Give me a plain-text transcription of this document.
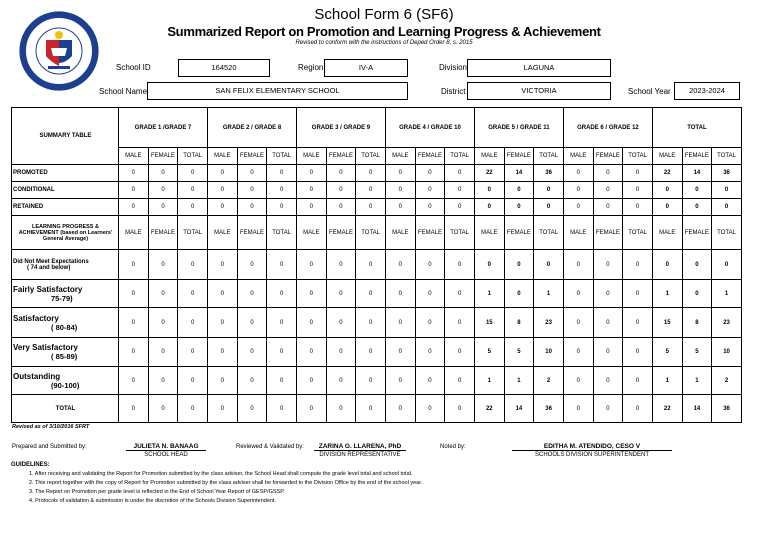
School Form 6 (SF6)
Summarized Report on Promotion and Learning Progress & Achievement
Revised to conform with the instructions of Deped Order 8, s. 2015
School ID	164520	Region	IV-A	Division	LAGUNA
School Name	SAN FELIX ELEMENTARY SCHOOL	District	VICTORIA	School Year	2023-2024
SUMMARY TABLE	GRADE 1 /GRADE 7			GRADE 2 / GRADE 8			GRADE 3 / GRADE 9			GRADE 4 / GRADE 10			GRADE 5 / GRADE 11			GRADE 6 / GRADE 12			TOTAL		
	MALE	FEMALE	TOTAL	MALE	FEMALE	TOTAL	MALE	FEMALE	TOTAL	MALE	FEMALE	TOTAL	MALE	FEMALE	TOTAL	MALE	FEMALE	TOTAL	MALE	FEMALE	TOTAL
PROMOTED	0	0	0	0	0	0	0	0	0	0	0	0	22	14	36	0	0	0	22	14	36
CONDITIONAL	0	0	0	0	0	0	0	0	0	0	0	0	0	0	0	0	0	0	0	0	0
RETAINED	0	0	0	0	0	0	0	0	0	0	0	0	0	0	0	0	0	0	0	0	0
LEARNING PROGRESS & ACHIEVEMENT (based on Learners' General Average)	MALE	FEMALE	TOTAL	MALE	FEMALE	TOTAL	MALE	FEMALE	TOTAL	MALE	FEMALE	TOTAL	MALE	FEMALE	TOTAL	MALE	FEMALE	TOTAL	MALE	FEMALE	TOTAL

Did Not Meet Expectations
( 74 and below)	0	0	0	0	0	0	0	0	0	0	0	0	0	0	0	0	0	0	0	0	0

Fairly Satisfactory
75-79)	0	0	0	0	0	0	0	0	0	0	0	0	1	0	1	0	0	0	1	0	1

Satisfactory
( 80-84)	0	0	0	0	0	0	0	0	0	0	0	0	15	8	23	0	0	0	15	8	23

Very Satisfactory
( 85-89)	0	0	0	0	0	0	0	0	0	0	0	0	5	5	10	0	0	0	5	5	10

Outstanding
(90-100)	0	0	0	0	0	0	0	0	0	0	0	0	1	1	2	0	0	0	1	1	2

TOTAL	0	0	0	0	0	0	0	0	0	0	0	0	22	14	36	0	0	0	22	14	36
Revised as of 3/10/2016 SFRT
Prepared and Submitted by:	JULIETA N. BANAAG
SCHOOL HEAD
Reviewed & Validated by:	ZARINA G. LLARENA, PhD
DIVISION REPRESENTATIVE
Noted by:	EDITHA M. ATENDIDO, CESO V
SCHOOLS DIVISION SUPERINTENDENT
GUIDELINES:
1. After receiving and validating the Report for Promotion submitted by the class adviser, the School Head shall compute the grade level total and school total.
2. This report together with the copy of Report for Promotion submitted by the class adviser shall be forwarded to the Division Office by the end of the school year.
3. The Report on Promotion per grade level is reflected in the End of School Year Report of GESP/GSSP.
4. Protocols of validation & submission is under the discretion of the Schools Division Superintendent.
